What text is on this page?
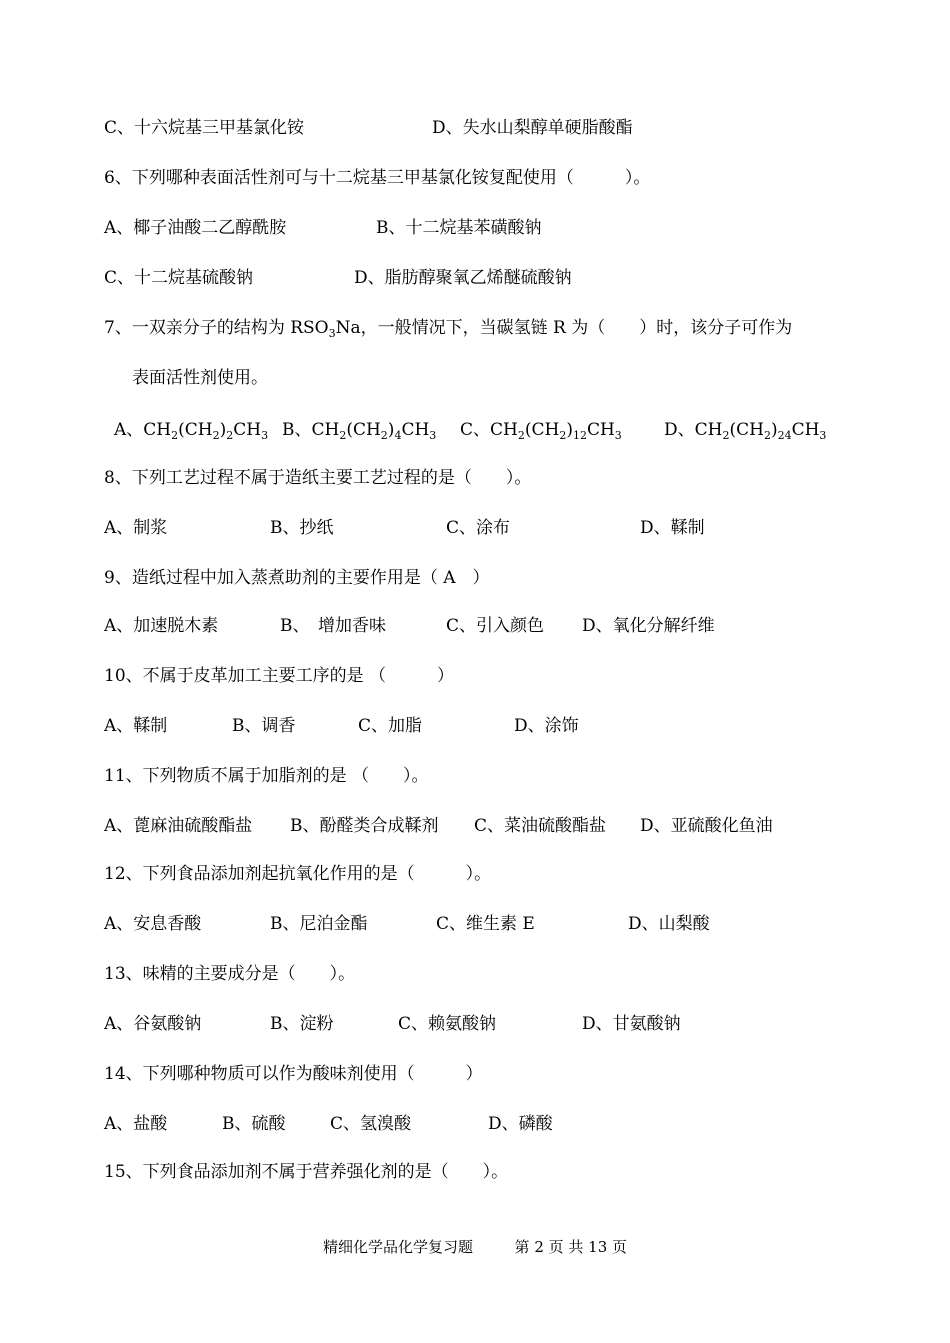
C、十六烷基三甲基氯化铵	D、失水山梨醇单硬脂酸酯
6、下列哪种表面活性剂可与十二烷基三甲基氯化铵复配使用（　　　）。
A、椰子油酸二乙醇酰胺	B、十二烷基苯磺酸钠
C、十二烷基硫酸钠	D、脂肪醇聚氧乙烯醚硫酸钠
7、一双亲分子的结构为 $RSO_3Na$，一般情况下，当碳氢链 R 为（　　）时，该分子可作为
表面活性剂使用。
A、$CH_2(CH_2)_2CH_3$ B、$CH_2(CH_2)_4CH_3$ C、$CH_2(CH_2)_{12}CH_3$ D、$CH_2(CH_2)_{24}CH_3$
8、下列工艺过程不属于造纸主要工艺过程的是（　　）。
A、制浆	B、抄纸	C、涂布	D、鞣制
9、造纸过程中加入蒸煮助剂的主要作用是（ A　）
A、加速脱木素	B、　增加香味	C、引入颜色 D、氧化分解纤维
10、不属于皮革加工主要工序的是 （　　　）
A、鞣制	B、调香	C、加脂	D、涂饰
11、下列物质不属于加脂剂的是 （　　）。
A、蓖麻油硫酸酯盐 B、酚醛类合成鞣剂 C、菜油硫酸酯盐 D、亚硫酸化鱼油
12、下列食品添加剂起抗氧化作用的是（　　　）。
A、安息香酸	B、尼泊金酯	C、维生素 E	D、山梨酸
13、味精的主要成分是（　　）。
A、谷氨酸钠	B、淀粉	C、赖氨酸钠	D、甘氨酸钠
14、下列哪种物质可以作为酸味剂使用（　　　）
A、盐酸	B、硫酸	C、氢溴酸	D、磷酸
15、下列食品添加剂不属于营养强化剂的是（　　）。
精细化学品化学复习题	第 2 页 共 13 页
